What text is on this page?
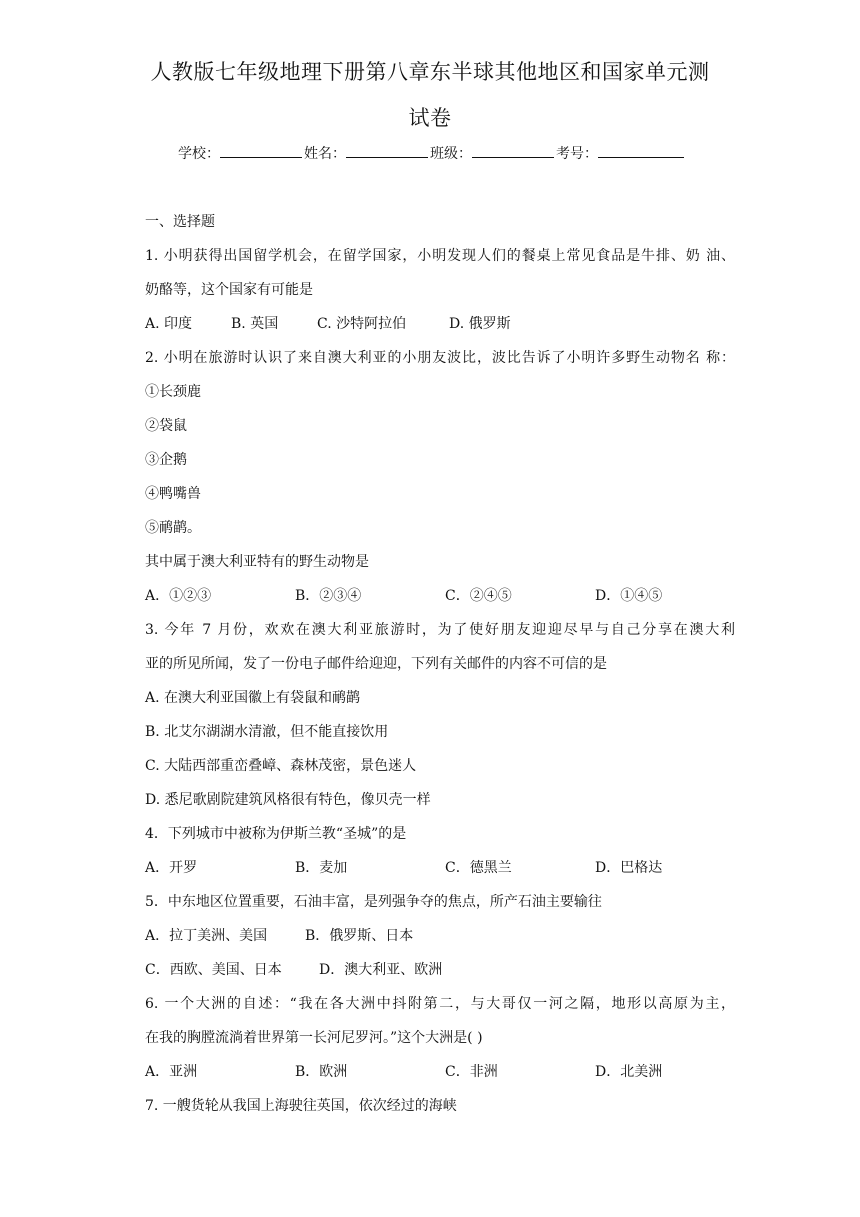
人教版七年级地理下册第八章东半球其他地区和国家单元测
试卷
学校：	姓名：	班级：	考号：
一、选择题
1. 小明获得出国留学机会，在留学国家，小明发现人们的餐桌上常见食品是牛排、奶 油、
奶酪等，这个国家有可能是
A. 印度	B. 英国	C. 沙特阿拉伯	D. 俄罗斯
2. 小明在旅游时认识了来自澳大利亚的小朋友波比，波比告诉了小明许多野生动物名 称：
①长颈鹿
②袋鼠
③企鹅
④鸭嘴兽
⑤鸸鹋。
其中属于澳大利亚特有的野生动物是
A．①②③	B．②③④	C．②④⑤	D．①④⑤
3. 今年 7 月份，欢欢在澳大利亚旅游时，为了使好朋友迎迎尽早与自己分享在澳大利
亚的所见所闻，发了一份电子邮件给迎迎，下列有关邮件的内容不可信的是
A. 在澳大利亚国徽上有袋鼠和鸸鹋
B. 北艾尔湖湖水清澈，但不能直接饮用
C. 大陆西部重峦叠嶂、森林茂密，景色迷人
D. 悉尼歌剧院建筑风格很有特色，像贝壳一样
4．下列城市中被称为伊斯兰教“圣城”的是
A．开罗	B．麦加	C．德黑兰	D．巴格达
5．中东地区位置重要，石油丰富，是列强争夺的焦点，所产石油主要输往
A．拉丁美洲、美国	B．俄罗斯、日本
C．西欧、美国、日本	D．澳大利亚、欧洲
6. 一个大洲的自述：“我在各大洲中抖附第二，与大哥仅一河之隔，地形以高原为主，
在我的胸膛流淌着世界第一长河尼罗河。”这个大洲是( )
A．亚洲	B．欧洲	C．非洲	D．北美洲
7. 一艘货轮从我国上海驶往英国，依次经过的海峡
